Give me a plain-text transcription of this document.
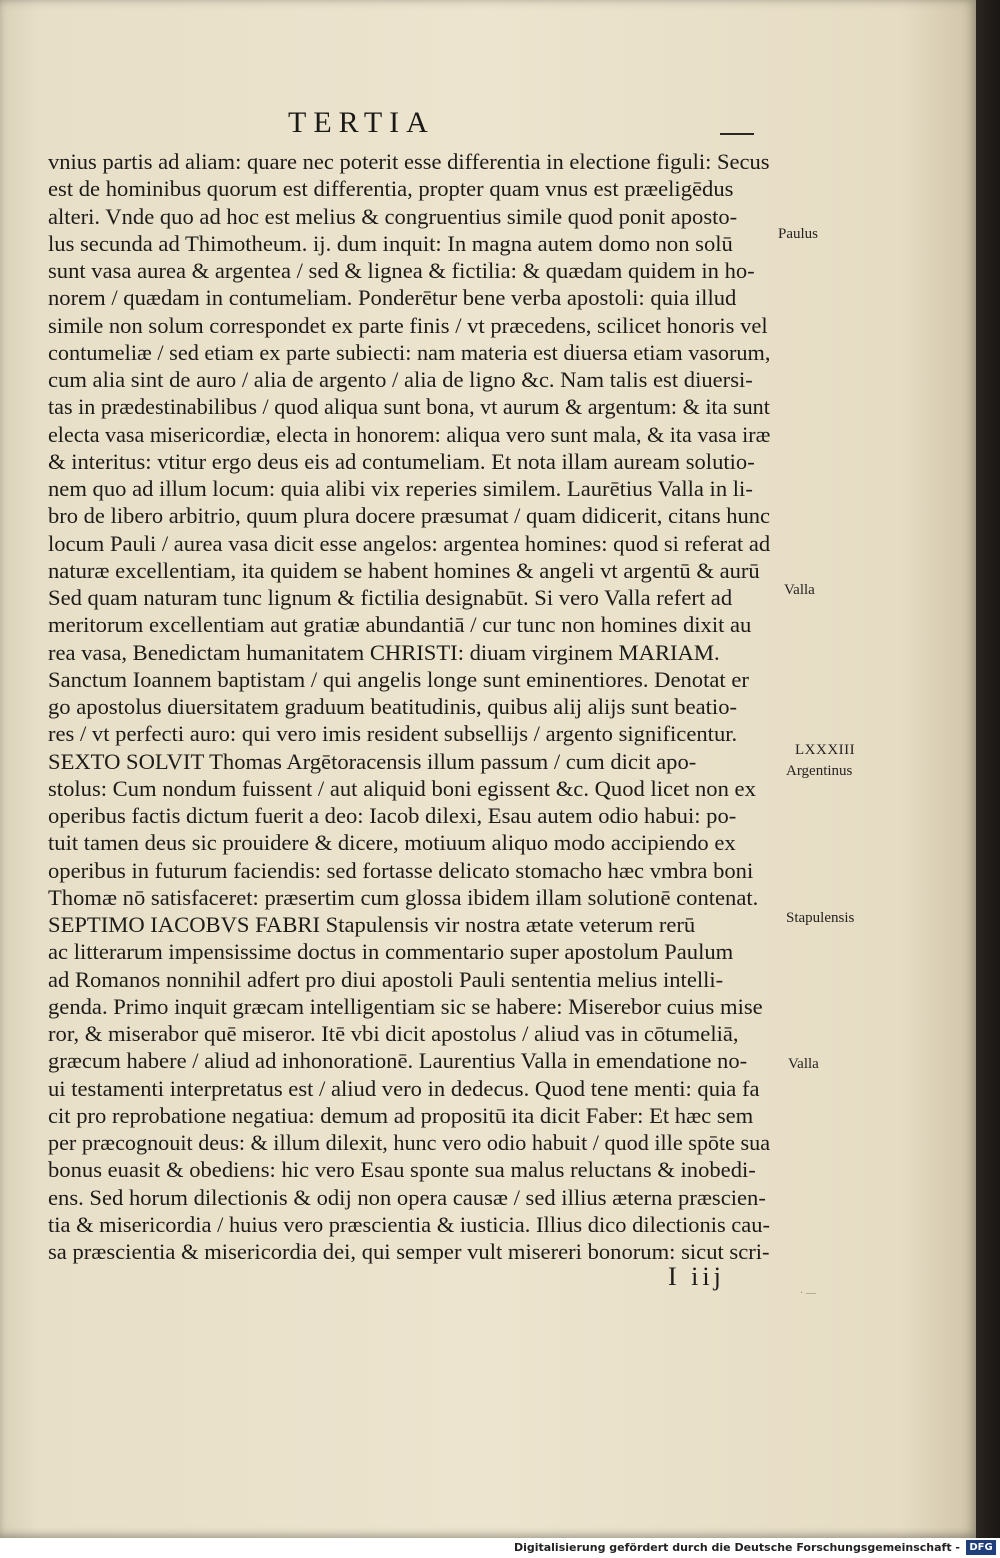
TERTIA
vnius partis ad aliam: quare nec poterit esse differentia in electione figuli: Secus
est de hominibus quorum est differentia, propter quam vnus est præeligēdus
alteri. Vnde quo ad hoc est melius & congruentius simile quod ponit aposto-
lus secunda ad Thimotheum. ij. dum inquit: In magna autem domo non solū
sunt vasa aurea & argentea / sed & lignea & fictilia: & quædam quidem in ho-
norem / quædam in contumeliam. Ponderētur bene verba apostoli: quia illud
simile non solum correspondet ex parte finis / vt præcedens, scilicet honoris vel
contumeliæ / sed etiam ex parte subiecti: nam materia est diuersa etiam vasorum,
cum alia sint de auro / alia de argento / alia de ligno &c. Nam talis est diuersi-
tas in prædestinabilibus / quod aliqua sunt bona, vt aurum & argentum: & ita sunt
electa vasa misericordiæ, electa in honorem: aliqua vero sunt mala, & ita vasa iræ
& interitus: vtitur ergo deus eis ad contumeliam. Et nota illam auream solutio-
nem quo ad illum locum: quia alibi vix reperies similem. Laurētius Valla in li-
bro de libero arbitrio, quum plura docere præsumat / quam didicerit, citans hunc
locum Pauli / aurea vasa dicit esse angelos: argentea homines: quod si referat ad
naturæ excellentiam, ita quidem se habent homines & angeli vt argentū & aurū
Sed quam naturam tunc lignum & fictilia designabūt. Si vero Valla refert ad
meritorum excellentiam aut gratiæ abundantiā / cur tunc non homines dixit au
rea vasa, Benedictam humanitatem CHRISTI: diuam virginem MARIAM.
Sanctum Ioannem baptistam / qui angelis longe sunt eminentiores. Denotat er
go apostolus diuersitatem graduum beatitudinis, quibus alij alijs sunt beatio-
res / vt perfecti auro: qui vero imis resident subsellijs / argento significentur.
SEXTO SOLVIT Thomas Argētoracensis illum passum / cum dicit apo-
stolus: Cum nondum fuissent / aut aliquid boni egissent &c. Quod licet non ex
operibus factis dictum fuerit a deo: Iacob dilexi, Esau autem odio habui: po-
tuit tamen deus sic prouidere & dicere, motiuum aliquo modo accipiendo ex
operibus in futurum faciendis: sed fortasse delicato stomacho hæc vmbra boni
Thomæ nō satisfaceret: præsertim cum glossa ibidem illam solutionē contenat.
SEPTIMO IACOBVS FABRI Stapulensis vir nostra ætate veterum rerū
ac litterarum impensissime doctus in commentario super apostolum Paulum
ad Romanos nonnihil adfert pro diui apostoli Pauli sententia melius intelli-
genda. Primo inquit græcam intelligentiam sic se habere: Miserebor cuius mise
ror, & miserabor quē miseror. Itē vbi dicit apostolus / aliud vas in cōtumeliā,
græcum habere / aliud ad inhonorationē. Laurentius Valla in emendatione no-
ui testamenti interpretatus est / aliud vero in dedecus. Quod tene menti: quia fa
cit pro reprobatione negatiua: demum ad propositū ita dicit Faber: Et hæc sem
per præcognouit deus: & illum dilexit, hunc vero odio habuit / quod ille spōte sua
bonus euasit & obediens: hic vero Esau sponte sua malus reluctans & inobedi-
ens. Sed horum dilectionis & odij non opera causæ / sed illius æterna præscien-
tia & misericordia / huius vero præscientia & iusticia. Illius dico dilectionis cau-
sa præscientia & misericordia dei, qui semper vult misereri bonorum: sicut scri-
Paulus
Valla
LXXXIII
Argentinus
Stapulensis
Valla
I iij
· —
Digitalisierung gefördert durch die Deutsche Forschungsgemeinschaft - DFG
